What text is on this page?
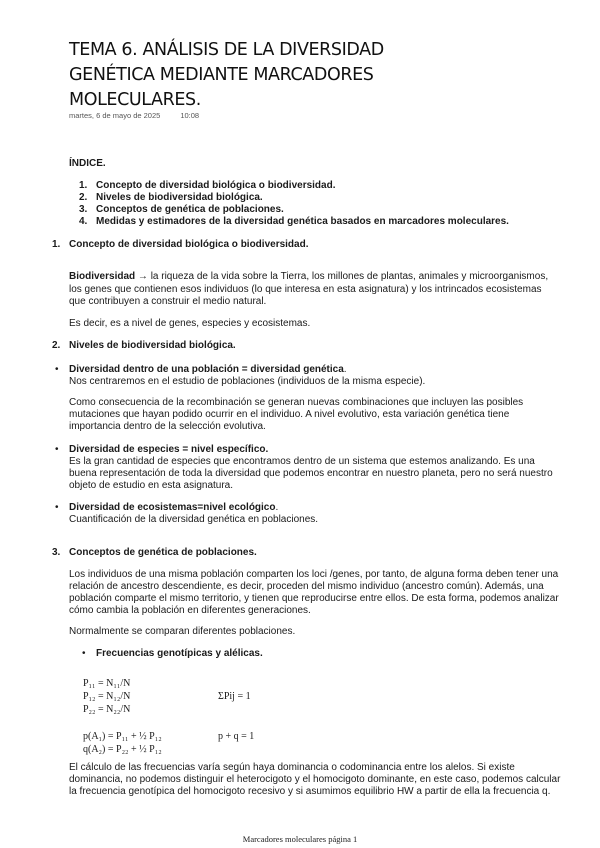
TEMA 6. ANÁLISIS DE LA DIVERSIDAD
GENÉTICA MEDIANTE MARCADORES
MOLECULARES.
martes, 6 de mayo de 2025	10:08
ÍNDICE.
1. Concepto de diversidad biológica o biodiversidad.
2. Niveles de biodiversidad biológica.
3. Conceptos de genética de poblaciones.
4. Medidas y estimadores de la diversidad genética basados en marcadores moleculares.
1. Concepto de diversidad biológica o biodiversidad.
Biodiversidad → la riqueza de la vida sobre la Tierra, los millones de plantas, animales y microorganismos,
los genes que contienen esos individuos (lo que interesa en esta asignatura) y los intrincados ecosistemas
que contribuyen a construir el medio natural.
Es decir, es a nivel de genes, especies y ecosistemas.
2. Niveles de biodiversidad biológica.
• Diversidad dentro de una población = diversidad genética.
Nos centraremos en el estudio de poblaciones (individuos de la misma especie).
Como consecuencia de la recombinación se generan nuevas combinaciones que incluyen las posibles
mutaciones que hayan podido ocurrir en el individuo. A nivel evolutivo, esta variación genética tiene
importancia dentro de la selección evolutiva.
• Diversidad de especies = nivel específico.
Es la gran cantidad de especies que encontramos dentro de un sistema que estemos analizando. Es una
buena representación de toda la diversidad que podemos encontrar en nuestro planeta, pero no será nuestro
objeto de estudio en esta asignatura.
• Diversidad de ecosistemas=nivel ecológico.
Cuantificación de la diversidad genética en poblaciones.
3. Conceptos de genética de poblaciones.
Los individuos de una misma población comparten los loci /genes, por tanto, de alguna forma deben tener una
relación de ancestro descendiente, es decir, proceden del mismo individuo (ancestro común). Además, una
población comparte el mismo territorio, y tienen que reproducirse entre ellos. De esta forma, podemos analizar
cómo cambia la población en diferentes generaciones.
Normalmente se comparan diferentes poblaciones.
• Frecuencias genotípicas y alélicas.
P₁₁ = N₁₁/N
P₁₂ = N₁₂/N	ΣPij = 1
P₂₂ = N₂₂/N
p(A₁) = P₁₁ + ½ P₁₂	p + q = 1
q(A₂) = P₂₂ + ½ P₁₂
El cálculo de las frecuencias varía según haya dominancia o codominancia entre los alelos. Si existe
dominancia, no podemos distinguir el heterocigoto y el homocigoto dominante, en este caso, podemos calcular
la frecuencia genotípica del homocigoto recesivo y si asumimos equilibrio HW a partir de ella la frecuencia q.
Marcadores moleculares página 1
